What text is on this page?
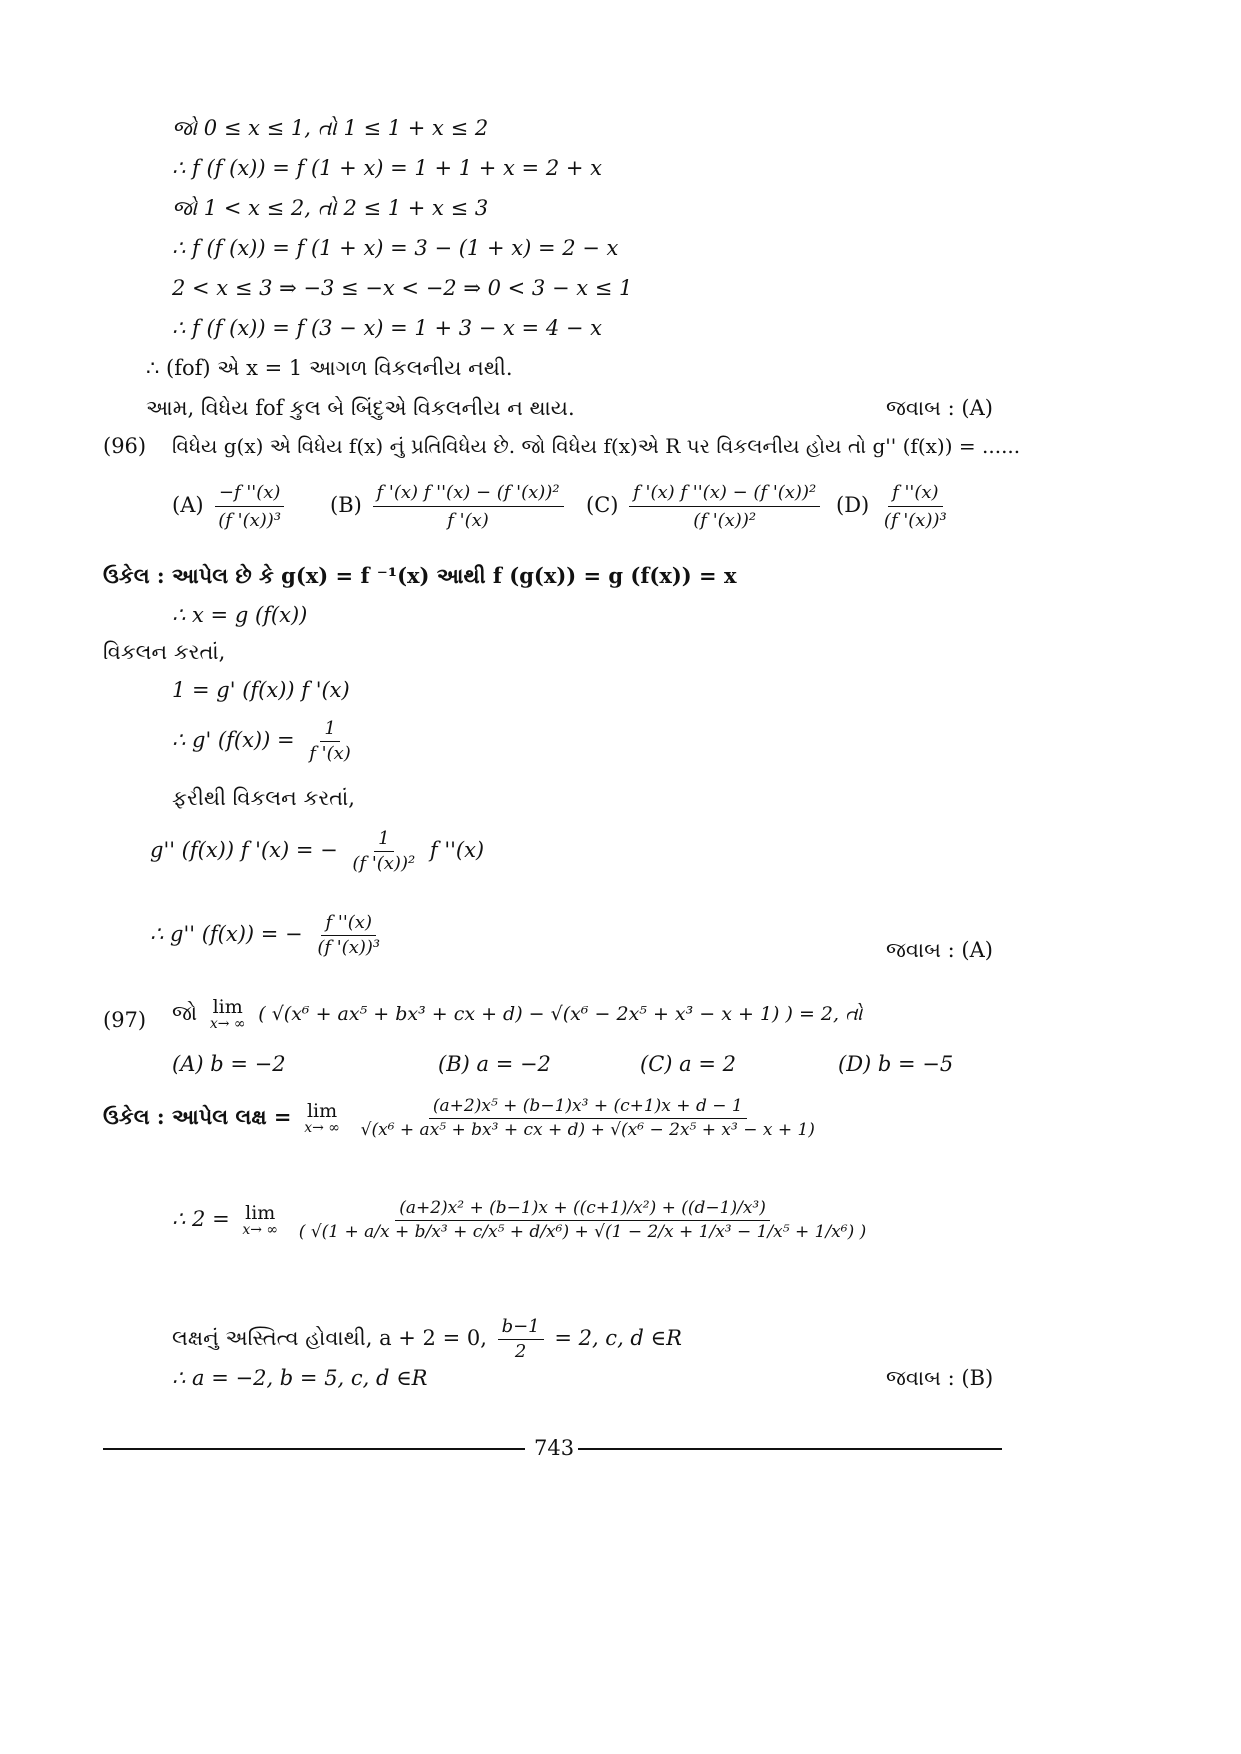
જો 0 ≤ x ≤ 1, તો 1 ≤ 1 + x ≤ 2
∴ f (f (x)) = f (1 + x) = 1 + 1 + x = 2 + x
જો 1 < x ≤ 2, તો 2 ≤ 1 + x ≤ 3
∴ f (f (x)) = f (1 + x) = 3 − (1 + x) = 2 − x
2 < x ≤ 3 ⇒ −3 ≤ −x < −2 ⇒ 0 < 3 − x ≤ 1
∴ f (f (x)) = f (3 − x) = 1 + 3 − x = 4 − x
∴ (fof) એ x = 1 આગળ વિકલનીય નથી.
આમ, વિધેય fof કુલ બે બિંદુએ વિકલનીય ન થાય.	જવાબ : (A)
(96) વિધેય g(x) એ વિધેય f(x) નું પ્રતિવિધેય છે. જો વિધેય f(x)એ R પર વિકલનીય હોય તો g'' (f(x)) = ......
$(A) \frac{-f ''(x)}{\text{(f '(x))³}} (B) \frac{\text{f '(x) f ''(x) − (f '(x))²}}{f '(x)} (C) \frac{\text{f '(x) f ''(x) − (f '(x))²}}{\text{(f '(x))²}} (D) \frac{f ''(x)}{\text{(f '(x))³}}$
ઉકેલ : આપેલ છે કે g(x) = f ⁻¹(x) આથી f (g(x)) = g (f(x)) = x
∴ x = g (f(x))
વિકલન કરતાં,
1 = g' (f(x)) f '(x)
∴ g' $(f(x)) = \frac{1}{f '(x)}$
ફરીથી વિકલન કરતાં,
g'' (f(x)) f '(x) = − $\frac{1}{\text{(f '(x))²}}$ f ''(x)
∴ g'' (f(x)) = − $\frac{f ''(x)}{\text{(f '(x))³}}$	જવાબ : (A)
(97) જો lim
x→ ∞ ( √(x⁶ + ax⁵ + bx³ + cx + d) − √(x⁶ − 2x⁵ + x³ − x + 1) ) = 2, તો
(A) b = −2	(B) a = −2	(C) a = 2	(D) b = −5
ઉકેલ : આપેલ લક્ષ = lim
x→ ∞
$\frac{\text{(a+2)x⁵ + (b−1)x³ + (c+1)x + d − 1}}{\text{√(x⁶ + ax⁵ + bx³ + cx + d) + √(x⁶ − 2x⁵ + x³ − x + 1)}}$
∴ 2 = lim
x→ ∞

(a+2)x² + (b−1)x + ((c+1)/x²) + ((d−1)/x³)
( √(1 + a/x + b/x³ + c/x⁵ + d/x⁶) + √(1 − 2/x + 1/x³ − 1/x⁵ + 1/x⁶) )
લક્ષનું અસ્તિત્વ હોવાથી, a + 2 = 0, $\frac{b-1}{2} = 2$, c, d ∈R
∴ a = −2, b = 5, c, d ∈R	જવાબ : (B)
743
